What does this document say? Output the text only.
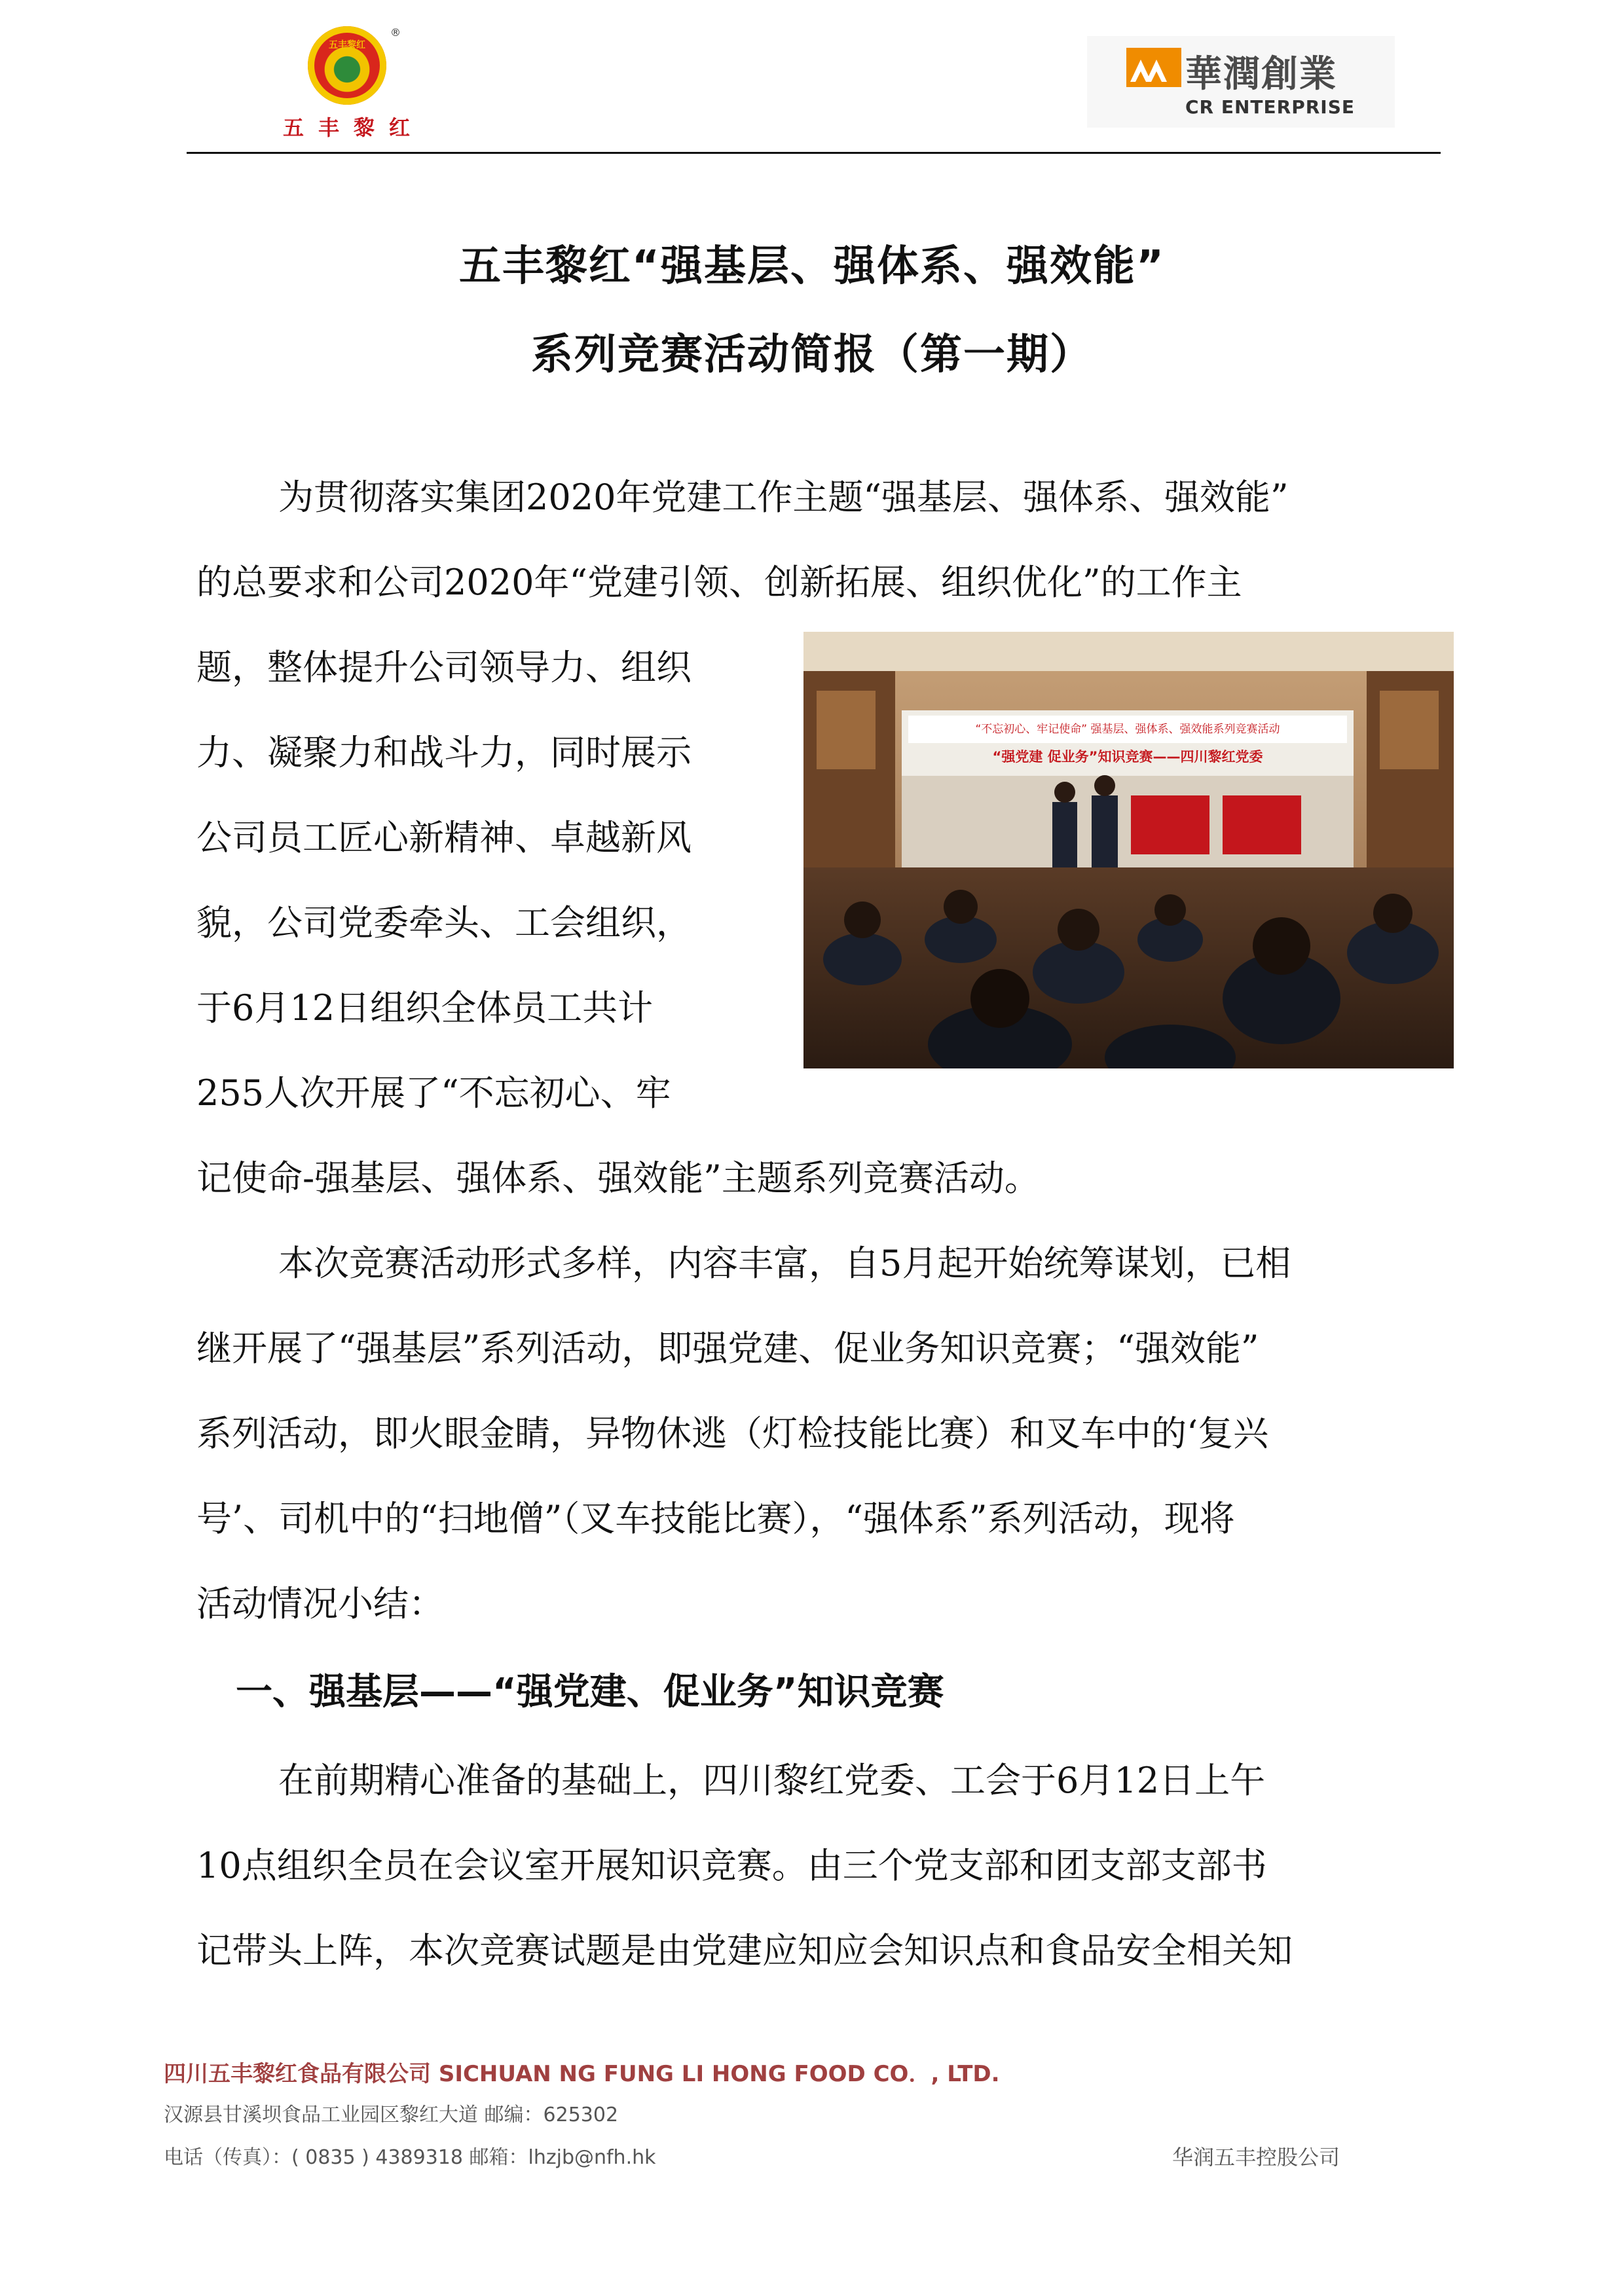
五丰黎红
®
五丰黎红
華潤創業
CR ENTERPRISE
五丰黎红“强基层、强体系、强效能”
系列竞赛活动简报（第一期）
为贯彻落实集团2020年党建工作主题“强基层、强体系、强效能”
的总要求和公司2020年“党建引领、创新拓展、组织优化”的工作主
题，整体提升公司领导力、组织
力、凝聚力和战斗力，同时展示
公司员工匠心新精神、卓越新风
貌，公司党委牵头、工会组织，
于6月12日组织全体员工共计
255人次开展了“不忘初心、牢
记使命-强基层、强体系、强效能”主题系列竞赛活动。
“不忘初心、牢记使命” 强基层、强体系、强效能系列竞赛活动
“强党建 促业务”知识竞赛——四川黎红党委
本次竞赛活动形式多样，内容丰富，自5月起开始统筹谋划，已相
继开展了“强基层”系列活动，即强党建、促业务知识竞赛；“强效能”
系列活动，即火眼金睛，异物休逃（灯检技能比赛）和叉车中的‘复兴
号’、司机中的“扫地僧”（叉车技能比赛），“强体系”系列活动，现将
活动情况小结：
一、强基层——“强党建、促业务”知识竞赛
在前期精心准备的基础上，四川黎红党委、工会于6月12日上午
10点组织全员在会议室开展知识竞赛。由三个党支部和团支部支部书
记带头上阵，本次竞赛试题是由党建应知应会知识点和食品安全相关知
四川五丰黎红食品有限公司 SICHUAN NG FUNG LI HONG FOOD CO．, LTD.
汉源县甘溪坝食品工业园区黎红大道 邮编：625302
电话（传真）：( 0835 ) 4389318 邮箱：lhzjb@nfh.hk	华润五丰控股公司
